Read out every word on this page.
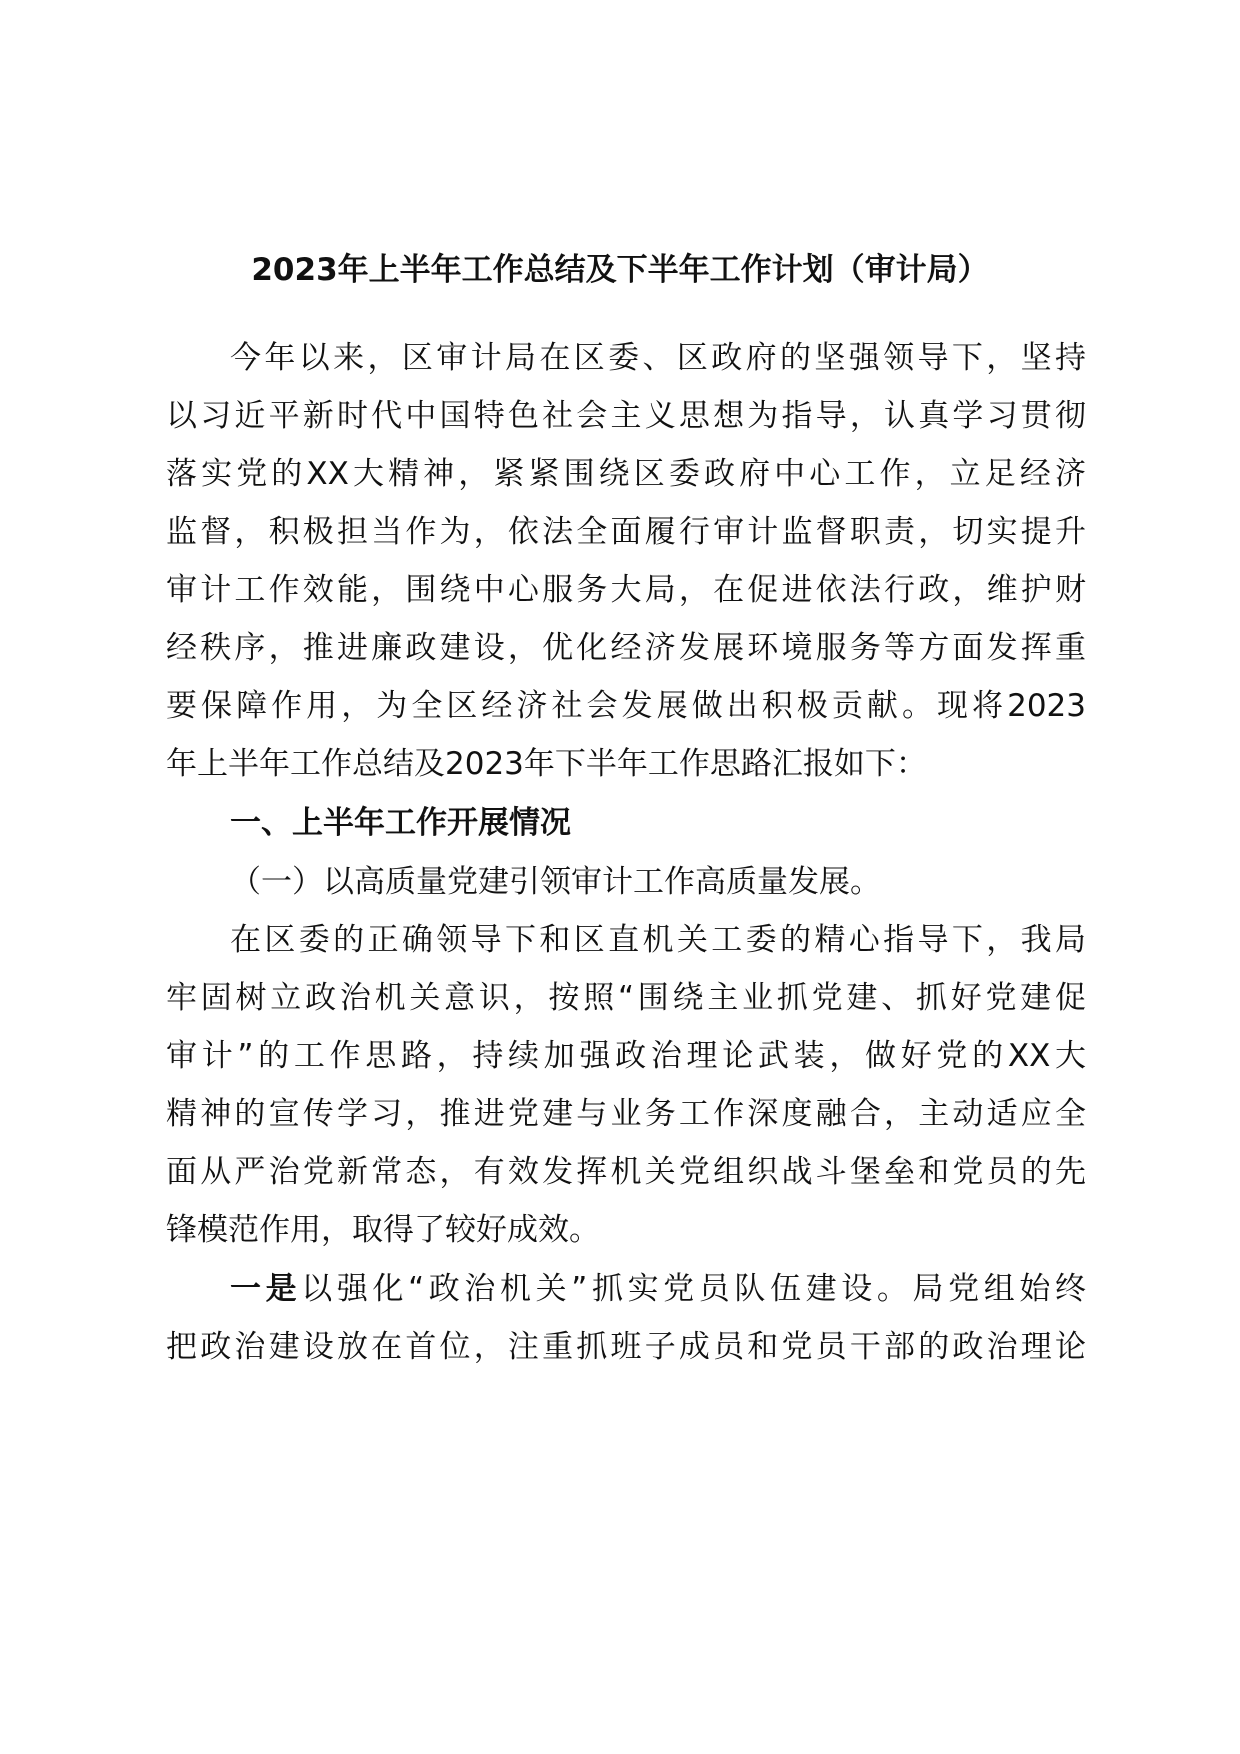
2023年上半年工作总结及下半年工作计划（审计局）
今年以来，区审计局在区委、区政府的坚强领导下，坚持
以习近平新时代中国特色社会主义思想为指导，认真学习贯彻
落实党的XX大精神，紧紧围绕区委政府中心工作，立足经济
监督，积极担当作为，依法全面履行审计监督职责，切实提升
审计工作效能，围绕中心服务大局，在促进依法行政，维护财
经秩序，推进廉政建设，优化经济发展环境服务等方面发挥重
要保障作用，为全区经济社会发展做出积极贡献。现将2023
年上半年工作总结及2023年下半年工作思路汇报如下：
一、上半年工作开展情况
（一）以高质量党建引领审计工作高质量发展。
在区委的正确领导下和区直机关工委的精心指导下，我局
牢固树立政治机关意识，按照“围绕主业抓党建、抓好党建促
审计”的工作思路，持续加强政治理论武装，做好党的XX大
精神的宣传学习，推进党建与业务工作深度融合，主动适应全
面从严治党新常态，有效发挥机关党组织战斗堡垒和党员的先
锋模范作用，取得了较好成效。
一是以强化“政治机关”抓实党员队伍建设。局党组始终
把政治建设放在首位，注重抓班子成员和党员干部的政治理论
